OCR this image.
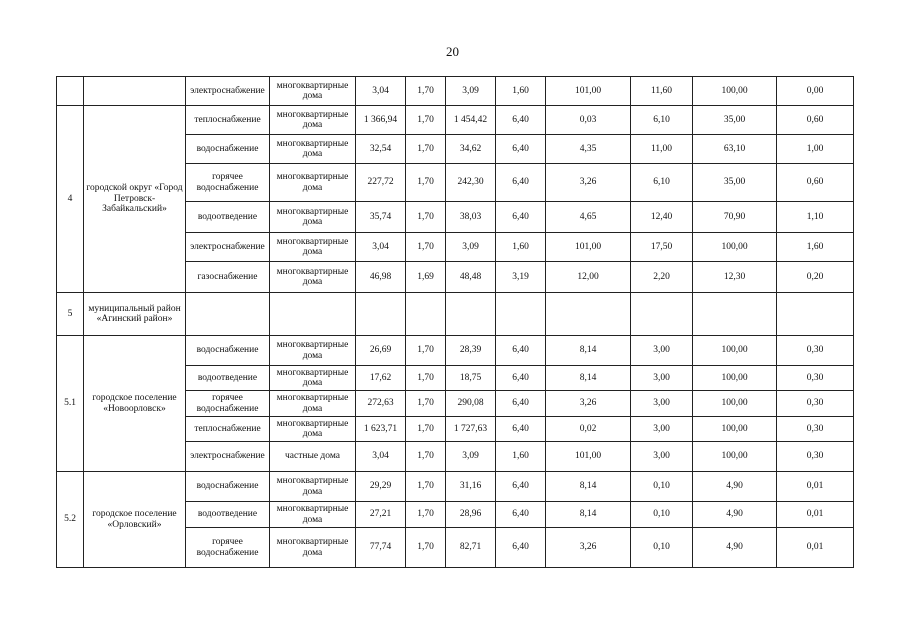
20
		электроснабжение	многоквартирные дома	3,04	1,70	3,09	1,60	101,00	11,60	100,00	0,00
4	городской округ «Город Петровск-Забайкальский»	теплоснабжение	многоквартирные дома	1 366,94	1,70	1 454,42	6,40	0,03	6,10	35,00	0,60
		водоснабжение	многоквартирные дома	32,54	1,70	34,62	6,40	4,35	11,00	63,10	1,00
		горячее водоснабжение	многоквартирные дома	227,72	1,70	242,30	6,40	3,26	6,10	35,00	0,60
		водоотведение	многоквартирные дома	35,74	1,70	38,03	6,40	4,65	12,40	70,90	1,10
		электроснабжение	многоквартирные дома	3,04	1,70	3,09	1,60	101,00	17,50	100,00	1,60
		газоснабжение	многоквартирные дома	46,98	1,69	48,48	3,19	12,00	2,20	12,30	0,20
5	муниципальный район «Агинский район»										
5.1	городское поселение «Новоорловск»	водоснабжение	многоквартирные дома	26,69	1,70	28,39	6,40	8,14	3,00	100,00	0,30
		водоотведение	многоквартирные дома	17,62	1,70	18,75	6,40	8,14	3,00	100,00	0,30
		горячее водоснабжение	многоквартирные дома	272,63	1,70	290,08	6,40	3,26	3,00	100,00	0,30
		теплоснабжение	многоквартирные дома	1 623,71	1,70	1 727,63	6,40	0,02	3,00	100,00	0,30
		электроснабжение	частные дома	3,04	1,70	3,09	1,60	101,00	3,00	100,00	0,30
5.2	городское поселение «Орловский»	водоснабжение	многоквартирные дома	29,29	1,70	31,16	6,40	8,14	0,10	4,90	0,01
		водоотведение	многоквартирные дома	27,21	1,70	28,96	6,40	8,14	0,10	4,90	0,01
		горячее водоснабжение	многоквартирные дома	77,74	1,70	82,71	6,40	3,26	0,10	4,90	0,01
